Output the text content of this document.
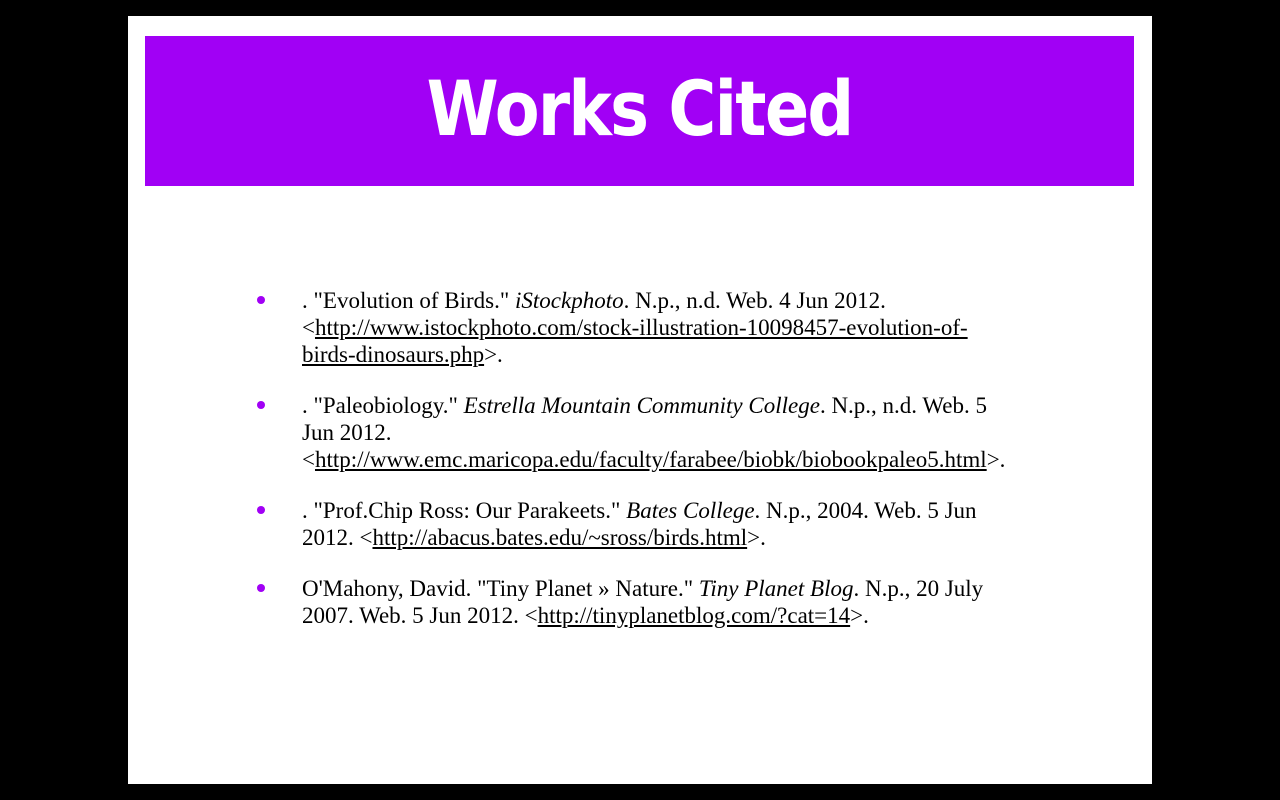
Works Cited
. "Evolution of Birds." iStockphoto. N.p., n.d. Web. 4 Jun 2012. <http://www.istockphoto.com/stock-illustration-10098457-evolution-of-birds-dinosaurs.php>.
. "Paleobiology." Estrella Mountain Community College. N.p., n.d. Web. 5 Jun 2012. <http://www.emc.maricopa.edu/faculty/farabee/biobk/biobookpaleo5.html>.
. "Prof.Chip Ross: Our Parakeets." Bates College. N.p., 2004. Web. 5 Jun 2012. <http://abacus.bates.edu/~sross/birds.html>.
O'Mahony, David. "Tiny Planet » Nature." Tiny Planet Blog. N.p., 20 July 2007. Web. 5 Jun 2012. <http://tinyplanetblog.com/?cat=14>.
